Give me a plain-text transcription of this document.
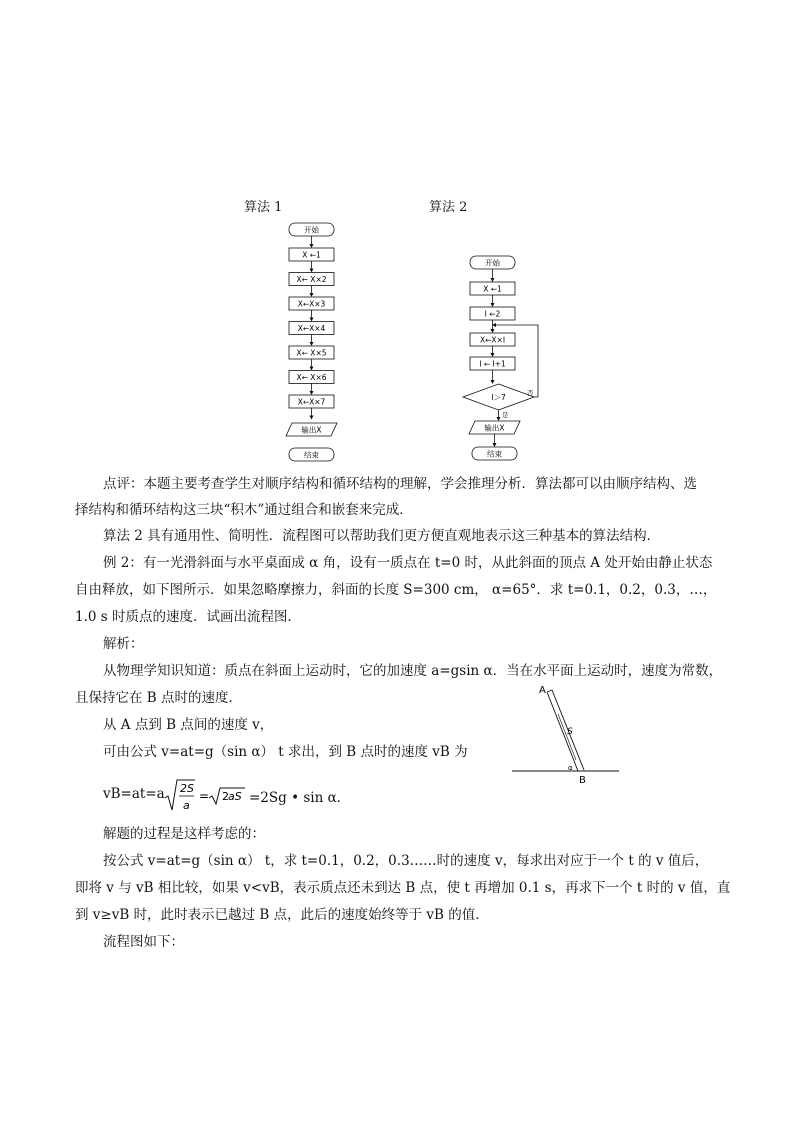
算法 1	算法 2
开始
X ←1
X← X×2
X←X×3
X←X×4
X← X×5
X← X×6
X←X×7
输出X
结束
开始
X ←1
I ←2
X←X×I
I ← I+1
I＞7	否
是
输出X
结束
点评：本题主要考查学生对顺序结构和循环结构的理解，学会推理分析．算法都可以由顺序结构、选
择结构和循环结构这三块“积木”通过组合和嵌套来完成．
算法 2 具有通用性、简明性．流程图可以帮助我们更方便直观地表示这三种基本的算法结构．
例 2：有一光滑斜面与水平桌面成 α 角，设有一质点在 t=0 时，从此斜面的顶点 A 处开始由静止状态
自由释放，如下图所示．如果忽略摩擦力，斜面的长度 S=300 cm， α=65°．求 t=0.1，0.2，0.3，…，
1.0 s 时质点的速度．试画出流程图．
解析：
从物理学知识知道：质点在斜面上运动时，它的加速度 a=gsin α．当在水平面上运动时，速度为常数，
且保持它在 B 点时的速度．
从 A 点到 B 点间的速度 v，
可由公式 v=at=g（sin α） t 求出，到 B 点时的速度 vB 为
vB=at=a 2S
a
= 2 aS =2Sg • sin α．
解题的过程是这样考虑的：
按公式 v=at=g（sin α） t，求 t=0.1，0.2，0.3……时的速度 v，每求出对应于一个 t 的 v 值后，
即将 v 与 vB 相比较，如果 v<vB，表示质点还未到达 B 点，使 t 再增加 0.1 s，再求下一个 t 时的 v 值，直
到 v≥vB 时，此时表示已越过 B 点，此后的速度始终等于 vB 的值．
流程图如下：
A
S
α
B
